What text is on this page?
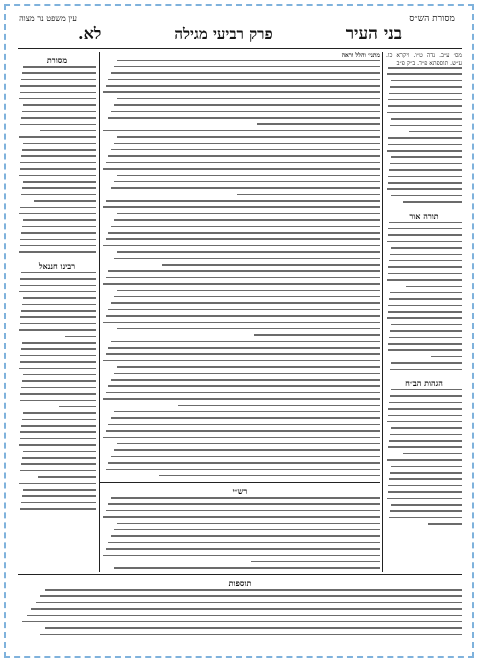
מסורת הש״ס
בני העיר
פרק רביעי מגילה
לא.
עין משפט נר מצוה
מס׳ ע״ב. נדה ט״ו. ויקרא כו. ע״ש. תוספתא פ״ד. ב״ק פ״ב
תורה אור
הגהות הב״ח
מסורת
רבינו חננאל
מתני׳ והלל וראה
רש״י
תוספות
